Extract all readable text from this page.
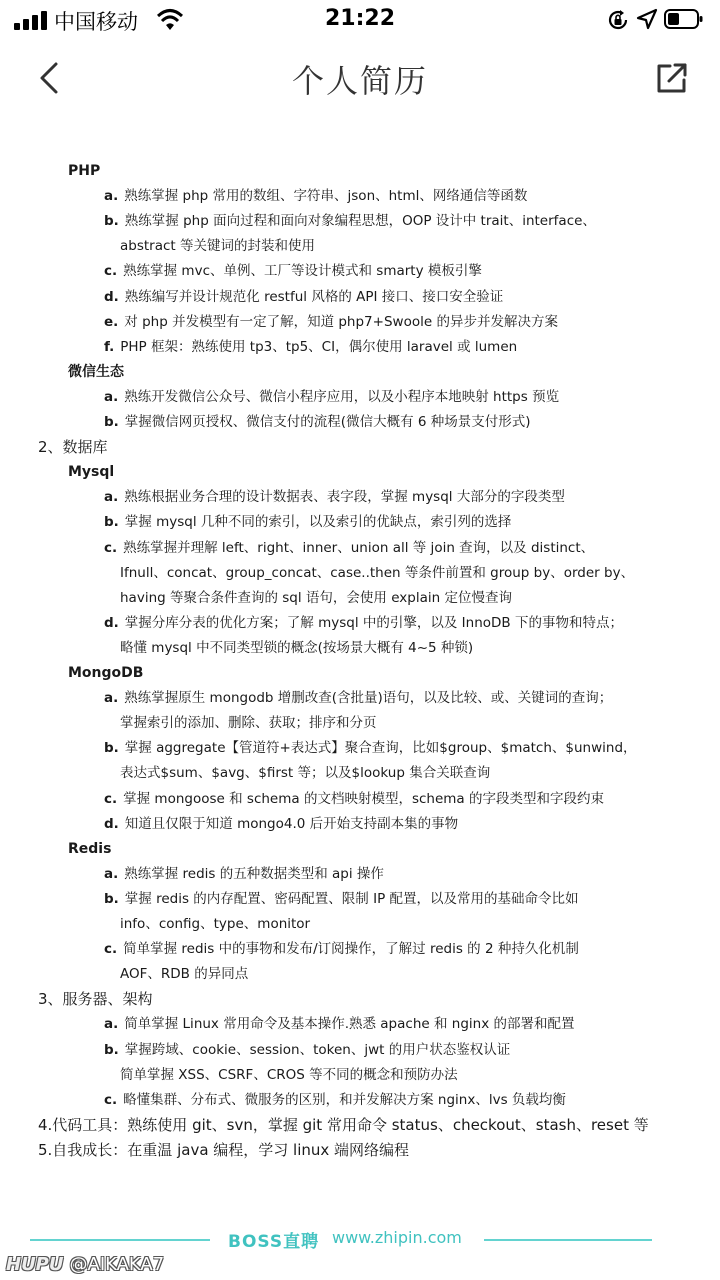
中国移动	21:22
个人简历
PHP
a. 熟练掌握 php 常用的数组、字符串、json、html、网络通信等函数
b. 熟练掌握 php 面向过程和面向对象编程思想，OOP 设计中 trait、interface、
abstract 等关键词的封装和使用
c. 熟练掌握 mvc、单例、工厂等设计模式和 smarty 模板引擎
d. 熟练编写并设计规范化 restful 风格的 API 接口、接口安全验证
e. 对 php 并发模型有一定了解，知道 php7+Swoole 的异步并发解决方案
f. PHP 框架：熟练使用 tp3、tp5、CI，偶尔使用 laravel 或 lumen
微信生态
a. 熟练开发微信公众号、微信小程序应用，以及小程序本地映射 https 预览
b. 掌握微信网页授权、微信支付的流程(微信大概有 6 种场景支付形式)
2、数据库
Mysql
a. 熟练根据业务合理的设计数据表、表字段，掌握 mysql 大部分的字段类型
b. 掌握 mysql 几种不同的索引，以及索引的优缺点，索引列的选择
c. 熟练掌握并理解 left、right、inner、union all 等 join 查询，以及 distinct、
Ifnull、concat、group_concat、case..then 等条件前置和 group by、order by、
having 等聚合条件查询的 sql 语句，会使用 explain 定位慢查询
d. 掌握分库分表的优化方案；了解 mysql 中的引擎，以及 InnoDB 下的事物和特点；
略懂 mysql 中不同类型锁的概念(按场景大概有 4~5 种锁)
MongoDB
a. 熟练掌握原生 mongodb 增删改查(含批量)语句，以及比较、或、关键词的查询；
掌握索引的添加、删除、获取；排序和分页
b. 掌握 aggregate【管道符+表达式】聚合查询，比如$group、$match、$unwind，
表达式$sum、$avg、$first 等；以及$lookup 集合关联查询
c. 掌握 mongoose 和 schema 的文档映射模型，schema 的字段类型和字段约束
d. 知道且仅限于知道 mongo4.0 后开始支持副本集的事物
Redis
a. 熟练掌握 redis 的五种数据类型和 api 操作
b. 掌握 redis 的内存配置、密码配置、限制 IP 配置，以及常用的基础命令比如
info、config、type、monitor
c. 简单掌握 redis 中的事物和发布/订阅操作，了解过 redis 的 2 种持久化机制
AOF、RDB 的异同点
3、服务器、架构
a. 简单掌握 Linux 常用命令及基本操作.熟悉 apache 和 nginx 的部署和配置
b. 掌握跨域、cookie、session、token、jwt 的用户状态鉴权认证
简单掌握 XSS、CSRF、CROS 等不同的概念和预防办法
c. 略懂集群、分布式、微服务的区别，和并发解决方案 nginx、lvs 负载均衡
4.代码工具：熟练使用 git、svn，掌握 git 常用命令 status、checkout、stash、reset 等
5.自我成长：在重温 java 编程，学习 linux 端网络编程
BOSS直聘 www.zhipin.com
HUPU @AIKAKA7
